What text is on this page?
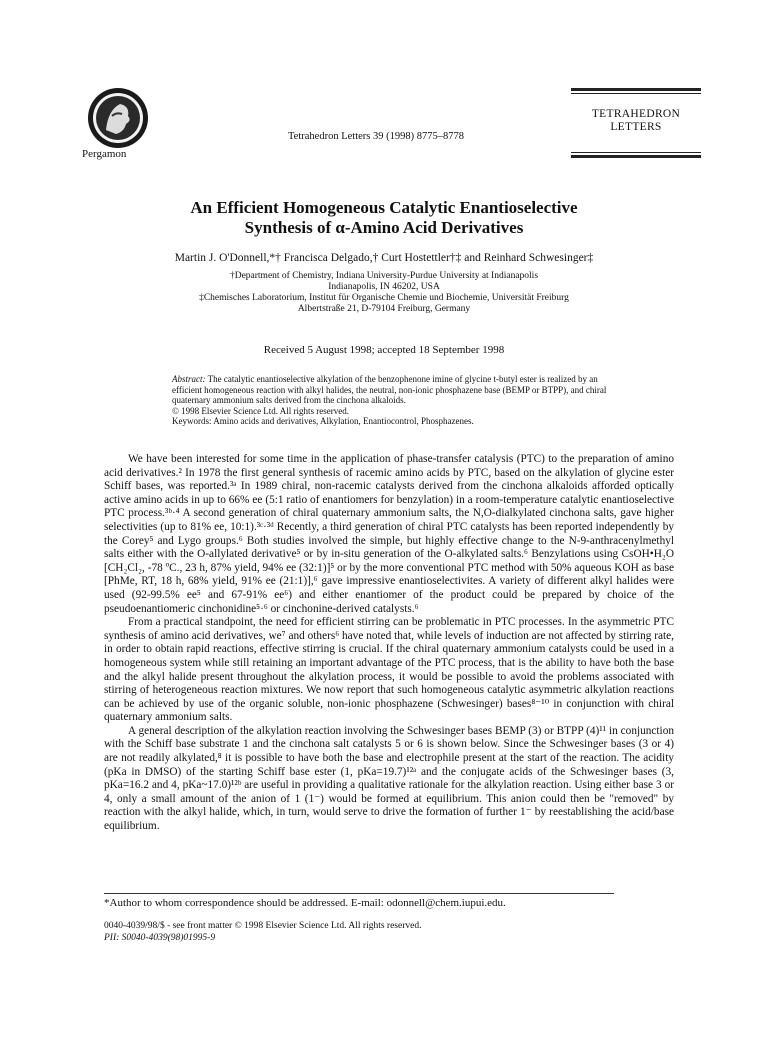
Pergamon
Tetrahedron Letters 39 (1998) 8775–8778
TETRAHEDRON
LETTERS
An Efficient Homogeneous Catalytic Enantioselective
Synthesis of α-Amino Acid Derivatives
Martin J. O'Donnell,*† Francisca Delgado,† Curt Hostettler†‡ and Reinhard Schwesinger‡
†Department of Chemistry, Indiana University-Purdue University at Indianapolis
Indianapolis, IN 46202, USA
‡Chemisches Laboratorium, Institut für Organische Chemie und Biochemie, Universität Freiburg
Albertstraße 21, D-79104 Freiburg, Germany
Received 5 August 1998; accepted 18 September 1998
Abstract: The catalytic enantioselective alkylation of the benzophenone imine of glycine t-butyl ester is realized by an efficient homogeneous reaction with alkyl halides, the neutral, non-ionic phosphazene base (BEMP or BTPP), and chiral quaternary ammonium salts derived from the cinchona alkaloids.
© 1998 Elsevier Science Ltd. All rights reserved.
Keywords: Amino acids and derivatives, Alkylation, Enantiocontrol, Phosphazenes.

We have been interested for some time in the application of phase-transfer catalysis (PTC) to the preparation of amino acid derivatives.² In 1978 the first general synthesis of racemic amino acids by PTC, based on the alkylation of glycine ester Schiff bases, was reported.³ᵃ In 1989 chiral, non-racemic catalysts derived from the cinchona alkaloids afforded optically active amino acids in up to 66% ee (5:1 ratio of enantiomers for benzylation) in a room-temperature catalytic enantioselective PTC process.³ᵇ·⁴ A second generation of chiral quaternary ammonium salts, the N,O-dialkylated cinchona salts, gave higher selectivities (up to 81% ee, 10:1).³ᶜ·³ᵈ Recently, a third generation of chiral PTC catalysts has been reported independently by the Corey⁵ and Lygo groups.⁶ Both studies involved the simple, but highly effective change to the N-9-anthracenylmethyl salts either with the O-allylated derivative⁵ or by in-situ generation of the O-alkylated salts.⁶ Benzylations using CsOH•H₂O [CH₂Cl₂, -78 ºC., 23 h, 87% yield, 94% ee (32:1)]⁵ or by the more conventional PTC method with 50% aqueous KOH as base [PhMe, RT, 18 h, 68% yield, 91% ee (21:1)],⁶ gave impressive enantioselectivites. A variety of different alkyl halides were used (92-99.5% ee⁵ and 67-91% ee⁶) and either enantiomer of the product could be prepared by choice of the pseudoenantiomeric cinchonidine⁵·⁶ or cinchonine-derived catalysts.⁶

From a practical standpoint, the need for efficient stirring can be problematic in PTC processes. In the asymmetric PTC synthesis of amino acid derivatives, we⁷ and others⁶ have noted that, while levels of induction are not affected by stirring rate, in order to obtain rapid reactions, effective stirring is crucial. If the chiral quaternary ammonium catalysts could be used in a homogeneous system while still retaining an important advantage of the PTC process, that is the ability to have both the base and the alkyl halide present throughout the alkylation process, it would be possible to avoid the problems associated with stirring of heterogeneous reaction mixtures. We now report that such homogeneous catalytic asymmetric alkylation reactions can be achieved by use of the organic soluble, non-ionic phosphazene (Schwesinger) bases⁸⁻¹⁰ in conjunction with chiral quaternary ammonium salts.

A general description of the alkylation reaction involving the Schwesinger bases BEMP (3) or BTPP (4)¹¹ in conjunction with the Schiff base substrate 1 and the cinchona salt catalysts 5 or 6 is shown below. Since the Schwesinger bases (3 or 4) are not readily alkylated,⁸ it is possible to have both the base and electrophile present at the start of the reaction. The acidity (pKa in DMSO) of the starting Schiff base ester (1, pKa=19.7)¹²ᵃ and the conjugate acids of the Schwesinger bases (3, pKa=16.2 and 4, pKa~17.0)¹²ᵇ are useful in providing a qualitative rationale for the alkylation reaction. Using either base 3 or 4, only a small amount of the anion of 1 (1⁻) would be formed at equilibrium. This anion could then be "removed" by reaction with the alkyl halide, which, in turn, would serve to drive the formation of further 1⁻ by reestablishing the acid/base equilibrium.

*Author to whom correspondence should be addressed. E-mail: odonnell@chem.iupui.edu.
0040-4039/98/$ - see front matter © 1998 Elsevier Science Ltd. All rights reserved.
PII: S0040-4039(98)01995-9
